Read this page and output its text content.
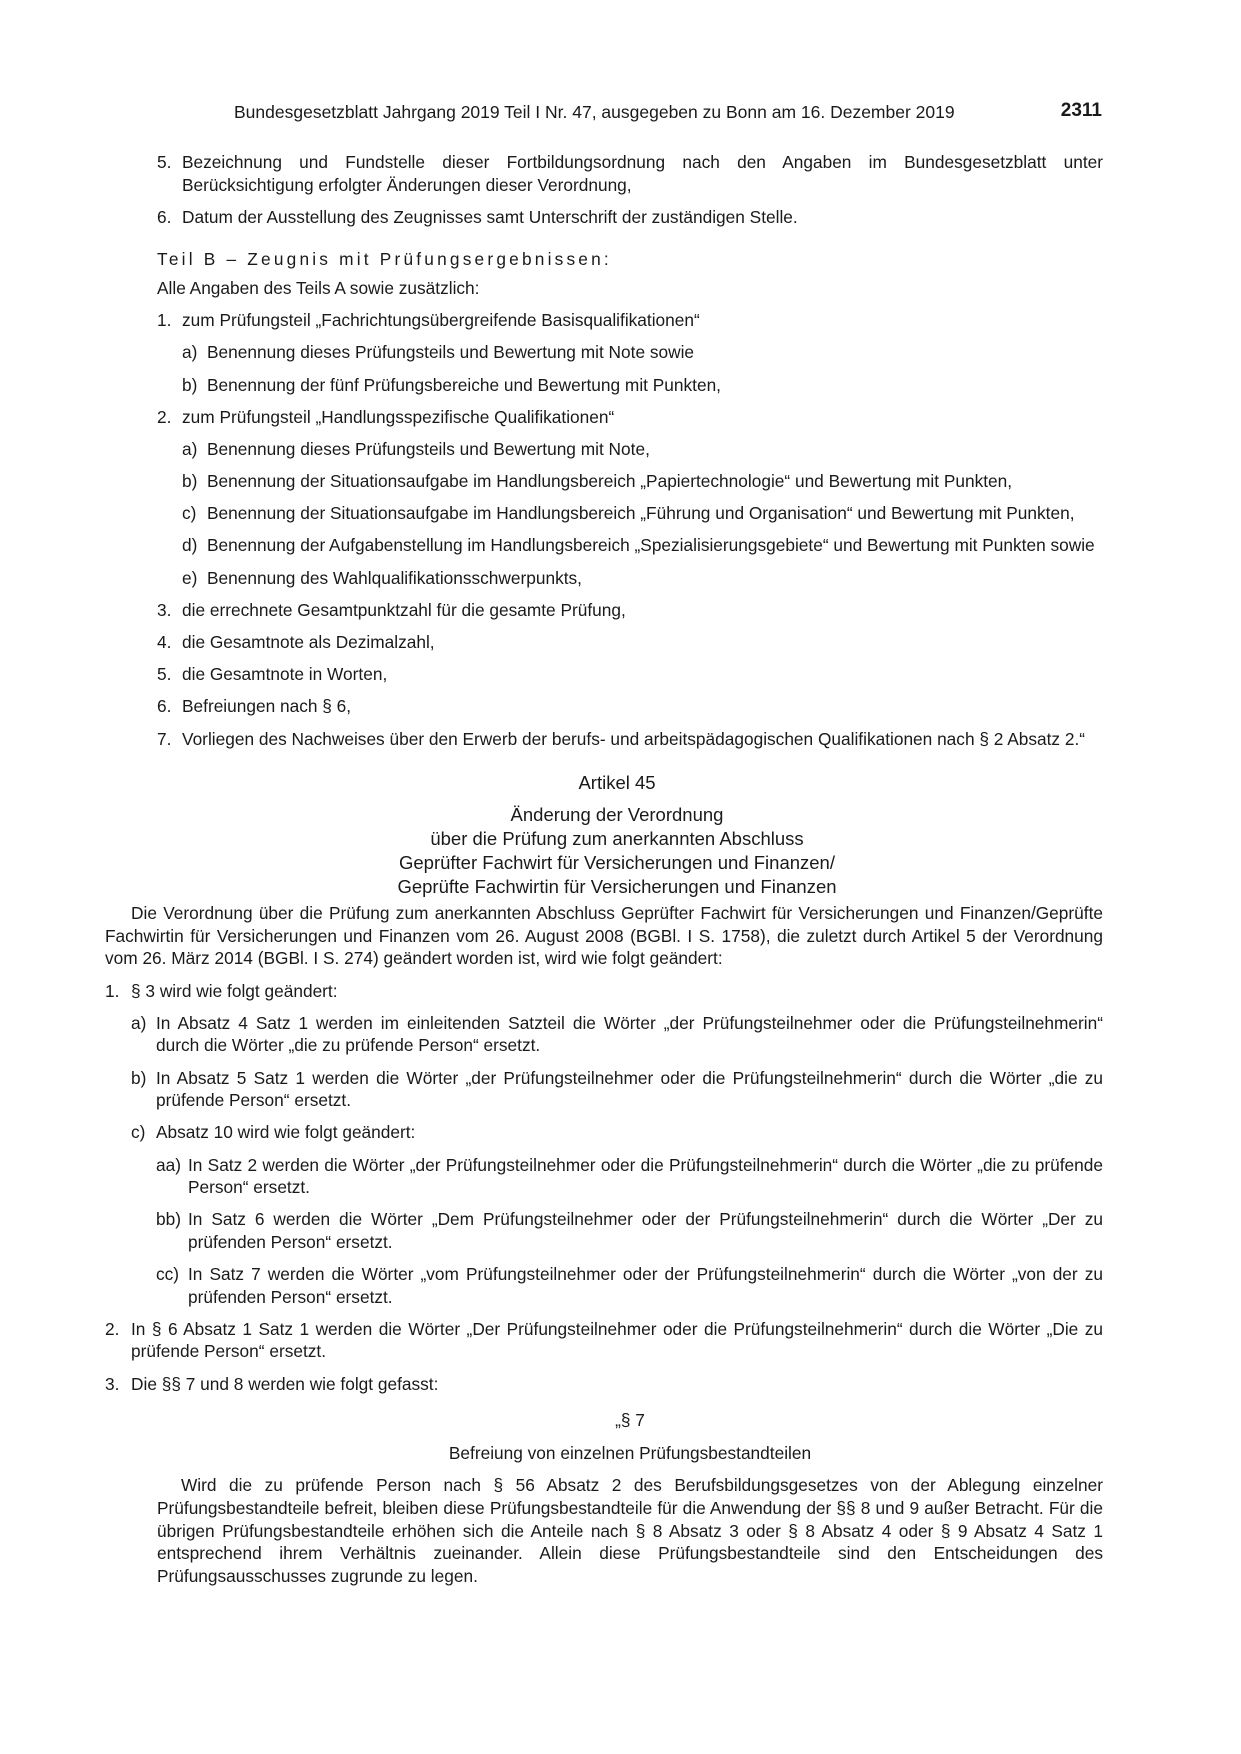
Bundesgesetzblatt Jahrgang 2019 Teil I Nr. 47, ausgegeben zu Bonn am 16. Dezember 2019	2311
5. Bezeichnung und Fundstelle dieser Fortbildungsordnung nach den Angaben im Bundesgesetzblatt unter Berücksichtigung erfolgter Änderungen dieser Verordnung,
6. Datum der Ausstellung des Zeugnisses samt Unterschrift der zuständigen Stelle.
Teil B – Zeugnis mit Prüfungsergebnissen:
Alle Angaben des Teils A sowie zusätzlich:
1. zum Prüfungsteil „Fachrichtungsübergreifende Basisqualifikationen“
a) Benennung dieses Prüfungsteils und Bewertung mit Note sowie
b) Benennung der fünf Prüfungsbereiche und Bewertung mit Punkten,
2. zum Prüfungsteil „Handlungsspezifische Qualifikationen“
a) Benennung dieses Prüfungsteils und Bewertung mit Note,
b) Benennung der Situationsaufgabe im Handlungsbereich „Papiertechnologie“ und Bewertung mit Punkten,
c) Benennung der Situationsaufgabe im Handlungsbereich „Führung und Organisation“ und Bewertung mit Punkten,
d) Benennung der Aufgabenstellung im Handlungsbereich „Spezialisierungsgebiete“ und Bewertung mit Punkten sowie
e) Benennung des Wahlqualifikationsschwerpunkts,
3. die errechnete Gesamtpunktzahl für die gesamte Prüfung,
4. die Gesamtnote als Dezimalzahl,
5. die Gesamtnote in Worten,
6. Befreiungen nach § 6,
7. Vorliegen des Nachweises über den Erwerb der berufs- und arbeitspädagogischen Qualifikationen nach § 2 Absatz 2.“
Artikel 45
Änderung der Verordnung
über die Prüfung zum anerkannten Abschluss
Geprüfter Fachwirt für Versicherungen und Finanzen/
Geprüfte Fachwirtin für Versicherungen und Finanzen
Die Verordnung über die Prüfung zum anerkannten Abschluss Geprüfter Fachwirt für Versicherungen und Finanzen/Geprüfte Fachwirtin für Versicherungen und Finanzen vom 26. August 2008 (BGBl. I S. 1758), die zuletzt durch Artikel 5 der Verordnung vom 26. März 2014 (BGBl. I S. 274) geändert worden ist, wird wie folgt geändert:
1. § 3 wird wie folgt geändert:
a) In Absatz 4 Satz 1 werden im einleitenden Satzteil die Wörter „der Prüfungsteilnehmer oder die Prüfungsteilnehmerin“ durch die Wörter „die zu prüfende Person“ ersetzt.
b) In Absatz 5 Satz 1 werden die Wörter „der Prüfungsteilnehmer oder die Prüfungsteilnehmerin“ durch die Wörter „die zu prüfende Person“ ersetzt.
c) Absatz 10 wird wie folgt geändert:
aa) In Satz 2 werden die Wörter „der Prüfungsteilnehmer oder die Prüfungsteilnehmerin“ durch die Wörter „die zu prüfende Person“ ersetzt.
bb) In Satz 6 werden die Wörter „Dem Prüfungsteilnehmer oder der Prüfungsteilnehmerin“ durch die Wörter „Der zu prüfenden Person“ ersetzt.
cc) In Satz 7 werden die Wörter „vom Prüfungsteilnehmer oder der Prüfungsteilnehmerin“ durch die Wörter „von der zu prüfenden Person“ ersetzt.
2. In § 6 Absatz 1 Satz 1 werden die Wörter „Der Prüfungsteilnehmer oder die Prüfungsteilnehmerin“ durch die Wörter „Die zu prüfende Person“ ersetzt.
3. Die §§ 7 und 8 werden wie folgt gefasst:
„§ 7
Befreiung von einzelnen Prüfungsbestandteilen
Wird die zu prüfende Person nach § 56 Absatz 2 des Berufsbildungsgesetzes von der Ablegung einzelner Prüfungsbestandteile befreit, bleiben diese Prüfungsbestandteile für die Anwendung der §§ 8 und 9 außer Betracht. Für die übrigen Prüfungsbestandteile erhöhen sich die Anteile nach § 8 Absatz 3 oder § 8 Absatz 4 oder § 9 Absatz 4 Satz 1 entsprechend ihrem Verhältnis zueinander. Allein diese Prüfungsbestandteile sind den Entscheidungen des Prüfungsausschusses zugrunde zu legen.
